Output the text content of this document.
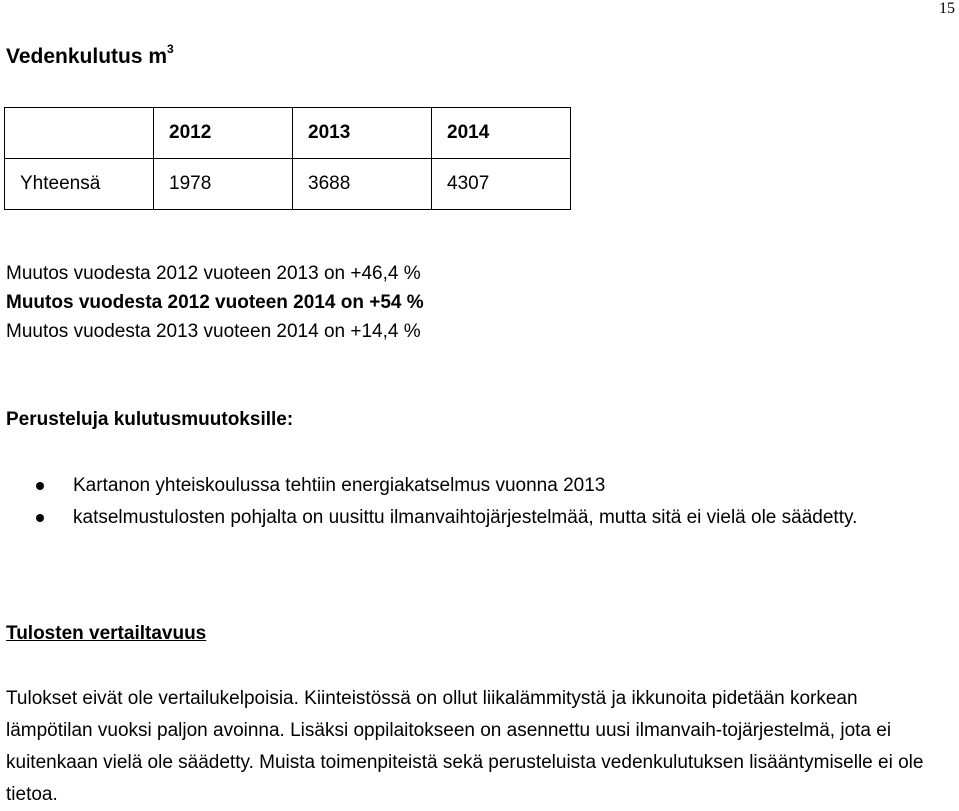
15
Vedenkulutus $m^3$
	2012	2013	2014
Yhteensä	1978	3688	4307
Muutos vuodesta 2012 vuoteen 2013 on +46,4 %
Muutos vuodesta 2012 vuoteen 2014 on +54 %
Muutos vuodesta 2013 vuoteen 2014 on +14,4 %
Perusteluja kulutusmuutoksille:
Kartanon yhteiskoulussa tehtiin energiakatselmus vuonna 2013
katselmustulosten pohjalta on uusittu ilmanvaihtojärjestelmää, mutta sitä ei vielä ole säädetty.
Tulosten vertailtavuus

Tulokset eivät ole vertailukelpoisia. Kiinteistössä on ollut liikalämmitystä ja ikkunoita pidetään korkean lämpötilan vuoksi paljon avoinna. Lisäksi oppilaitokseen on asennettu uusi ilmanvaih-tojärjestelmä, jota ei kuitenkaan vielä ole säädetty. Muista toimenpiteistä sekä perusteluista vedenkulutuksen lisääntymiselle ei ole tietoa.
